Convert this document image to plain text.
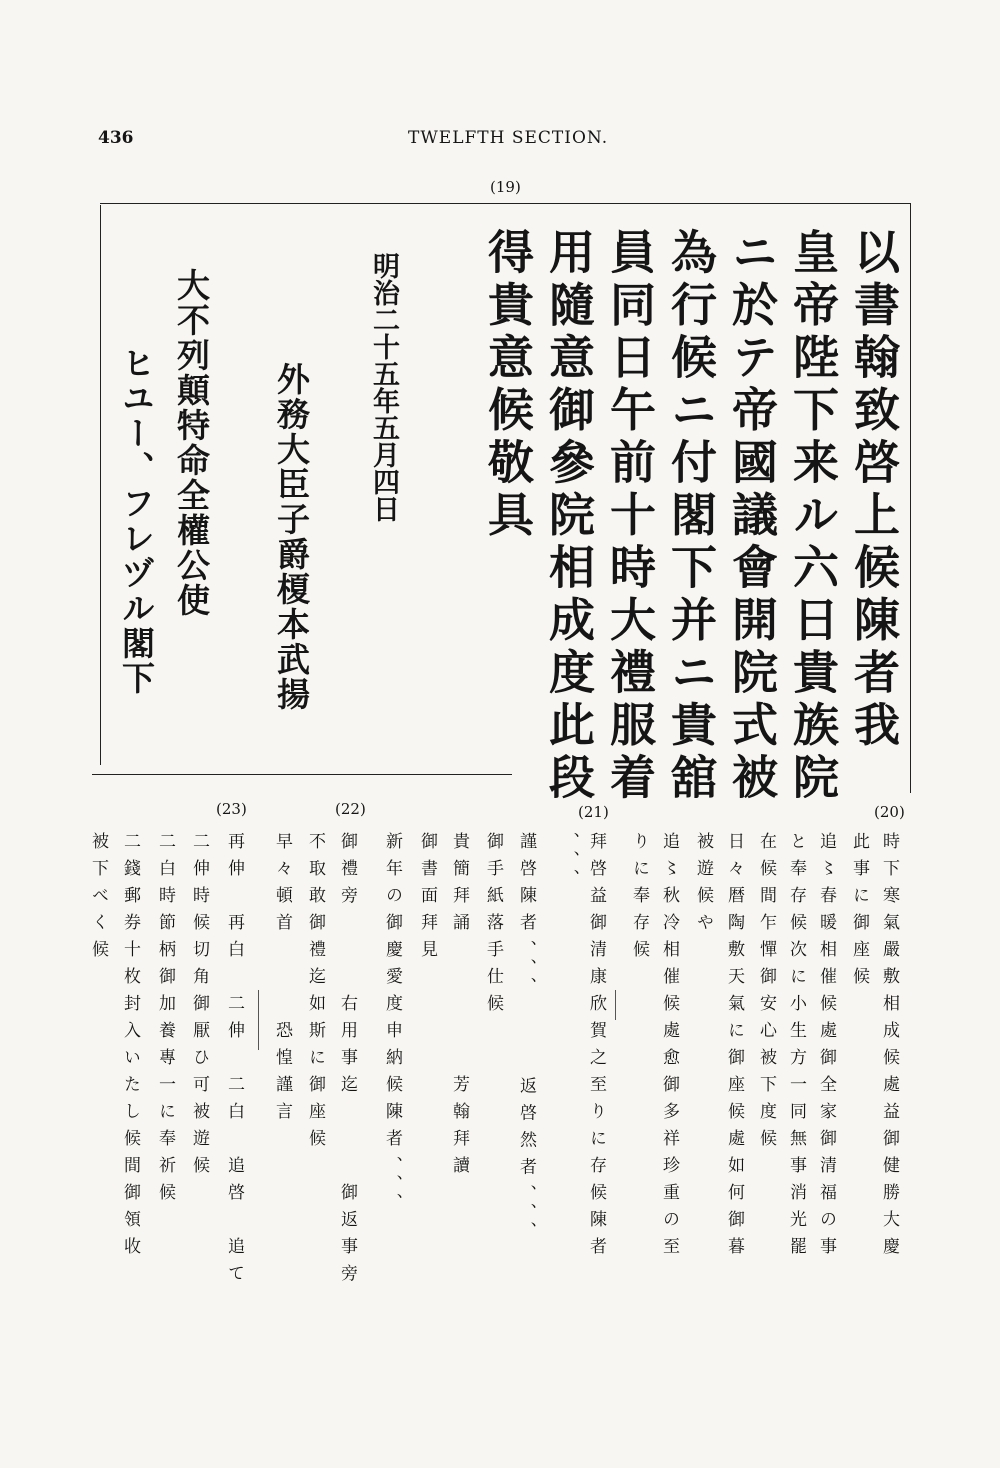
436	TWELFTH SECTION.
(19)
以書翰致啓上候陳者我
皇帝陛下来ル六日貴族院
ニ於テ帝國議會開院式被
為行候ニ付閣下并ニ貴舘
員同日午前十時大禮服着
用隨意御參院相成度此段
得貴意候敬具
明治二十五年五月四日
外務大臣子爵榎本武揚
大不列顛特命全權公使
ヒユー、フレヅル閣下
(20)
(21)
(22)
(23)
時下寒氣嚴敷相成候處益御健勝大慶
此事に御座候
追〻春暖相催候處御全家御清福の事
と奉存候次に小生方一同無事消光罷
在候間乍憚御安心被下度候
日々暦陶敷天氣に御座候處如何御暮
被遊候や
追〻秋冷相催候處愈御多祥珍重の至
りに奉存候
拜啓益御清康欣賀之至りに存候陳者
、、、
謹啓陳者、、、　　　返啓然者、、、
御手紙落手仕候
貴簡拜誦　　　　　芳翰拜讀
御書面拜見
新年の御慶愛度申納候陳者、、、
御禮旁　　　右用事迄　　　御返事旁
不取敢御禮迄如斯に御座候
早々頓首　　　恐惶謹言
再伸　再白　二伸　二白　追啓　追て
二伸時候切角御厭ひ可被遊候
二白時節柄御加養專一に奉祈候
二錢郵券十枚封入いたし候間御領收
被下べく候
